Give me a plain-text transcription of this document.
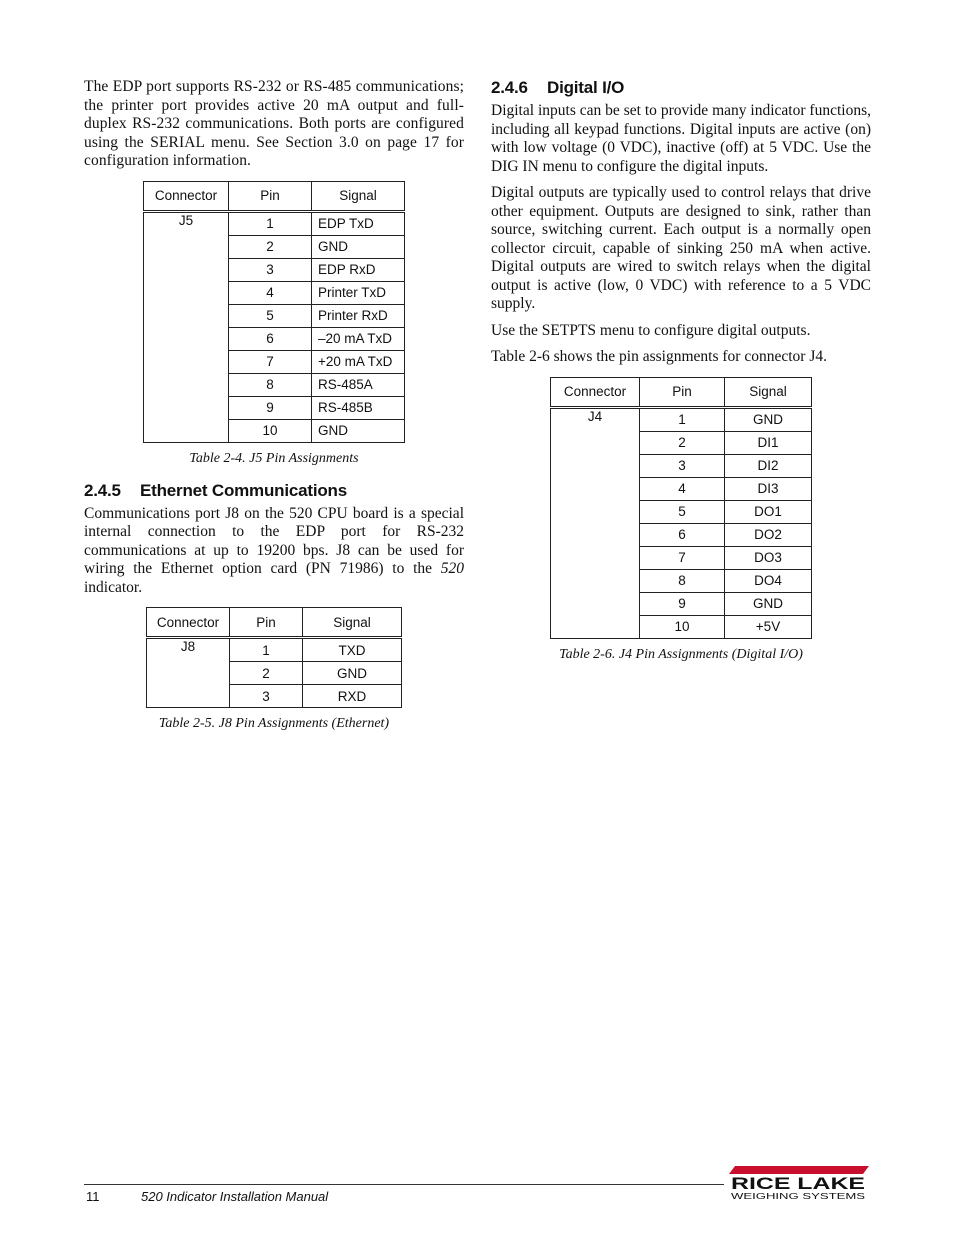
The EDP port supports RS-232 or RS-485 communications; the printer port provides active 20 mA output and full-duplex RS-232 communications. Both ports are configured using the SERIAL menu. See Section 3.0 on page 17 for configuration information.

Connector	Pin	Signal
J5	1	EDP TxD
	2	GND
	3	EDP RxD
	4	Printer TxD
	5	Printer RxD
	6	–20 mA TxD
	7	+20 mA TxD
	8	RS-485A
	9	RS-485B
	10	GND
Table 2-4. J5 Pin Assignments
2.4.5 Ethernet Communications

Communications port J8 on the 520 CPU board is a special internal connection to the EDP port for RS-232 communications at up to 19200 bps. J8 can be used for wiring the Ethernet option card (PN 71986) to the 520 indicator.

Connector	Pin	Signal
J8	1	TXD
	2	GND
	3	RXD
Table 2-5. J8 Pin Assignments (Ethernet)
2.4.6 Digital I/O

Digital inputs can be set to provide many indicator functions, including all keypad functions. Digital inputs are active (on) with low voltage (0 VDC), inactive (off) at 5 VDC. Use the DIG IN menu to configure the digital inputs.

Digital outputs are typically used to control relays that drive other equipment. Outputs are designed to sink, rather than source, switching current. Each output is a normally open collector circuit, capable of sinking 250 mA when active. Digital outputs are wired to switch relays when the digital output is active (low, 0 VDC) with reference to a 5 VDC supply.

Use the SETPTS menu to configure digital outputs.

Table 2-6 shows the pin assignments for connector J4.

Connector	Pin	Signal
J4	1	GND
	2	DI1
	3	DI2
	4	DI3
	5	DO1
	6	DO2
	7	DO3
	8	DO4
	9	GND
	10	+5V
Table 2-6. J4 Pin Assignments (Digital I/O)
11	520 Indicator Installation Manual
RICE LAKE
WEIGHING SYSTEMS
